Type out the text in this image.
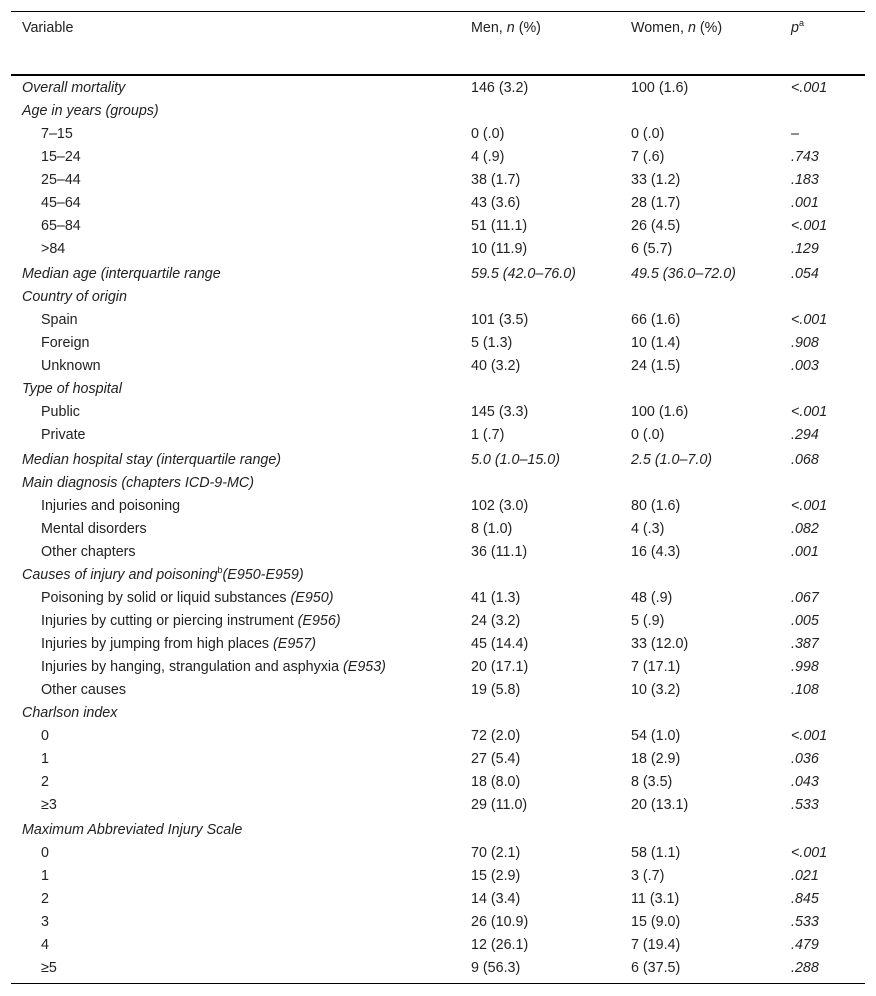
Variable	Men, n (%)	Women, n (%)	$p^a$
Overall mortality	146 (3.2)	100 (1.6)	<.001
Age in years (groups)
7–15	0 (.0)	0 (.0)	–
15–24	4 (.9)	7 (.6)	.743
25–44	38 (1.7)	33 (1.2)	.183
45–64	43 (3.6)	28 (1.7)	.001
65–84	51 (11.1)	26 (4.5)	<.001
>84	10 (11.9)	6 (5.7)	.129
Median age (interquartile range	59.5 (42.0–76.0)	49.5 (36.0–72.0)	.054
Country of origin
Spain	101 (3.5)	66 (1.6)	<.001
Foreign	5 (1.3)	10 (1.4)	.908
Unknown	40 (3.2)	24 (1.5)	.003
Type of hospital
Public	145 (3.3)	100 (1.6)	<.001
Private	1 (.7)	0 (.0)	.294
Median hospital stay (interquartile range)	5.0 (1.0–15.0)	2.5 (1.0–7.0)	.068
Main diagnosis (chapters ICD-9-MC)
Injuries and poisoning	102 (3.0)	80 (1.6)	<.001
Mental disorders	8 (1.0)	4 (.3)	.082
Other chapters	36 (11.1)	16 (4.3)	.001
Causes of injury and poisoning$^b$(E950-E959)
Poisoning by solid or liquid substances (E950)	41 (1.3)	48 (.9)	.067
Injuries by cutting or piercing instrument (E956)	24 (3.2)	5 (.9)	.005
Injuries by jumping from high places (E957)	45 (14.4)	33 (12.0)	.387
Injuries by hanging, strangulation and asphyxia (E953)	20 (17.1)	7 (17.1)	.998
Other causes	19 (5.8)	10 (3.2)	.108
Charlson index
0	72 (2.0)	54 (1.0)	<.001
1	27 (5.4)	18 (2.9)	.036
2	18 (8.0)	8 (3.5)	.043
≥3	29 (11.0)	20 (13.1)	.533
Maximum Abbreviated Injury Scale
0	70 (2.1)	58 (1.1)	<.001
1	15 (2.9)	3 (.7)	.021
2	14 (3.4)	11 (3.1)	.845
3	26 (10.9)	15 (9.0)	.533
4	12 (26.1)	7 (19.4)	.479
≥5	9 (56.3)	6 (37.5)	.288
